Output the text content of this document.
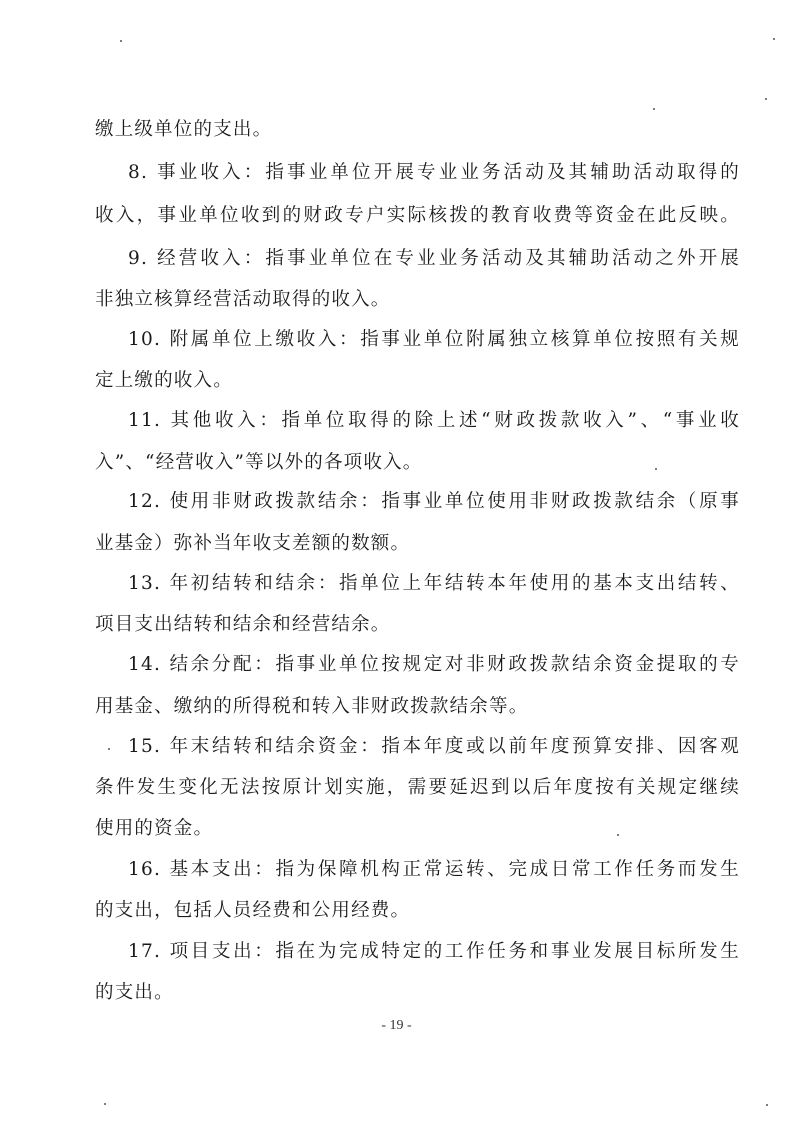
缴上级单位的支出。
8. 事业收入：指事业单位开展专业业务活动及其辅助活动取得的
收入，事业单位收到的财政专户实际核拨的教育收费等资金在此反映。
9. 经营收入：指事业单位在专业业务活动及其辅助活动之外开展
非独立核算经营活动取得的收入。
10. 附属单位上缴收入：指事业单位附属独立核算单位按照有关规
定上缴的收入。
11. 其他收入：指单位取得的除上述“财政拨款收入”、“事业收
入”、“经营收入”等以外的各项收入。
12. 使用非财政拨款结余：指事业单位使用非财政拨款结余（原事
业基金）弥补当年收支差额的数额。
13. 年初结转和结余：指单位上年结转本年使用的基本支出结转、
项目支出结转和结余和经营结余。
14. 结余分配：指事业单位按规定对非财政拨款结余资金提取的专
用基金、缴纳的所得税和转入非财政拨款结余等。
15. 年末结转和结余资金：指本年度或以前年度预算安排、因客观
条件发生变化无法按原计划实施，需要延迟到以后年度按有关规定继续
使用的资金。
16. 基本支出：指为保障机构正常运转、完成日常工作任务而发生
的支出，包括人员经费和公用经费。
17. 项目支出：指在为完成特定的工作任务和事业发展目标所发生
的支出。
- 19 -
